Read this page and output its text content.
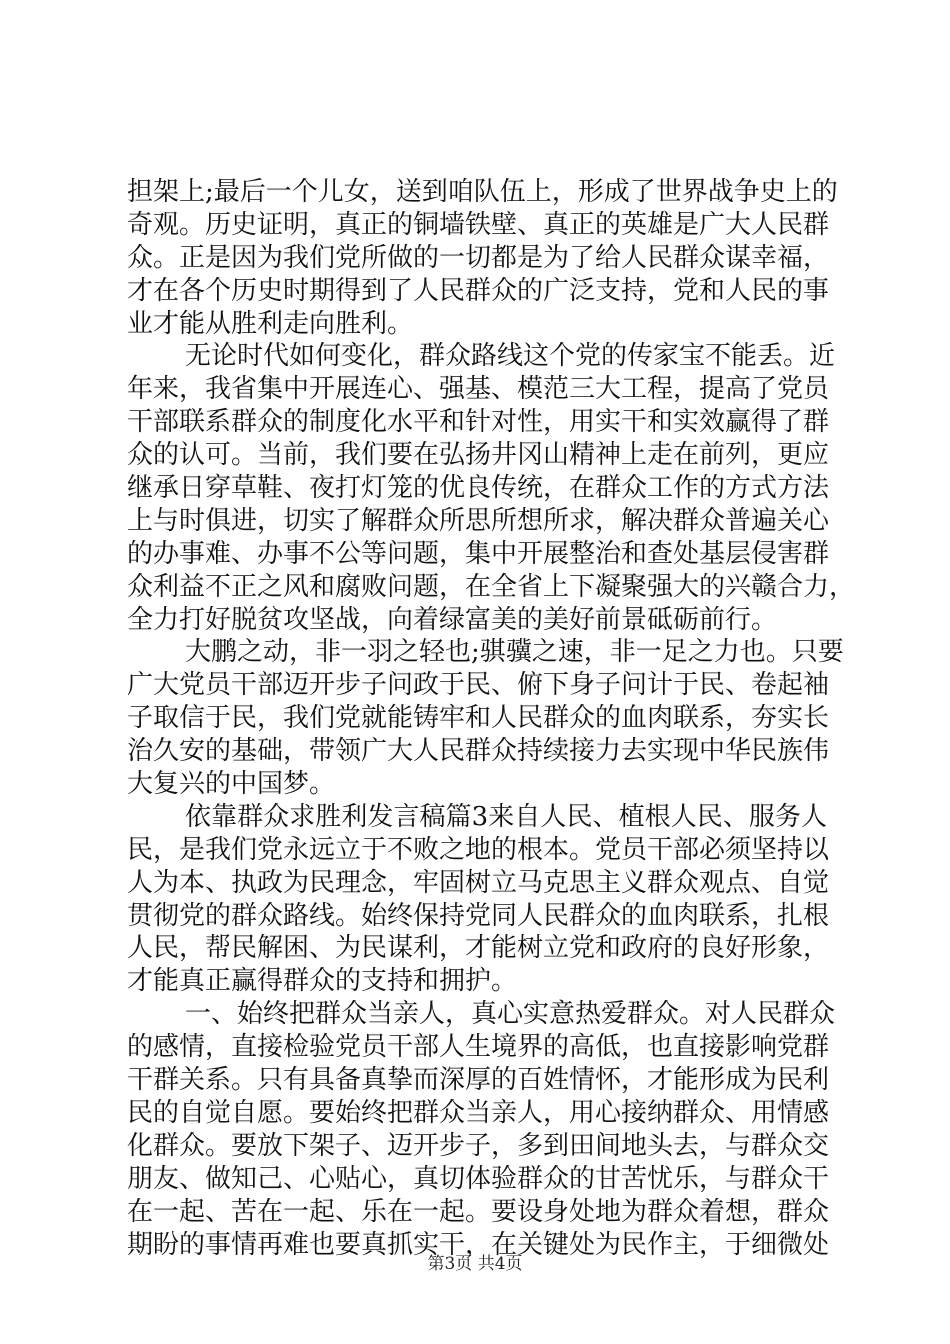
担架上;最后一个儿女，送到咱队伍上，形成了世界战争史上的
奇观。历史证明，真正的铜墙铁壁、真正的英雄是广大人民群
众。正是因为我们党所做的一切都是为了给人民群众谋幸福，
才在各个历史时期得到了人民群众的广泛支持，党和人民的事
业才能从胜利走向胜利。
无论时代如何变化，群众路线这个党的传家宝不能丢。近
年来，我省集中开展连心、强基、模范三大工程，提高了党员
干部联系群众的制度化水平和针对性，用实干和实效赢得了群
众的认可。当前，我们要在弘扬井冈山精神上走在前列，更应
继承日穿草鞋、夜打灯笼的优良传统，在群众工作的方式方法
上与时俱进，切实了解群众所思所想所求，解决群众普遍关心
的办事难、办事不公等问题，集中开展整治和查处基层侵害群
众利益不正之风和腐败问题，在全省上下凝聚强大的兴赣合力，
全力打好脱贫攻坚战，向着绿富美的美好前景砥砺前行。
大鹏之动，非一羽之轻也;骐骥之速，非一足之力也。只要
广大党员干部迈开步子问政于民、俯下身子问计于民、卷起袖
子取信于民，我们党就能铸牢和人民群众的血肉联系，夯实长
治久安的基础，带领广大人民群众持续接力去实现中华民族伟
大复兴的中国梦。
依靠群众求胜利发言稿篇3来自人民、植根人民、服务人
民，是我们党永远立于不败之地的根本。党员干部必须坚持以
人为本、执政为民理念，牢固树立马克思主义群众观点、自觉
贯彻党的群众路线。始终保持党同人民群众的血肉联系，扎根
人民，帮民解困、为民谋利，才能树立党和政府的良好形象，
才能真正赢得群众的支持和拥护。
一、始终把群众当亲人，真心实意热爱群众。对人民群众
的感情，直接检验党员干部人生境界的高低，也直接影响党群
干群关系。只有具备真挚而深厚的百姓情怀，才能形成为民利
民的自觉自愿。要始终把群众当亲人，用心接纳群众、用情感
化群众。要放下架子、迈开步子，多到田间地头去，与群众交
朋友、做知己、心贴心，真切体验群众的甘苦忧乐，与群众干
在一起、苦在一起、乐在一起。要设身处地为群众着想，群众
期盼的事情再难也要真抓实干，在关键处为民作主，于细微处
第3页 共4页
